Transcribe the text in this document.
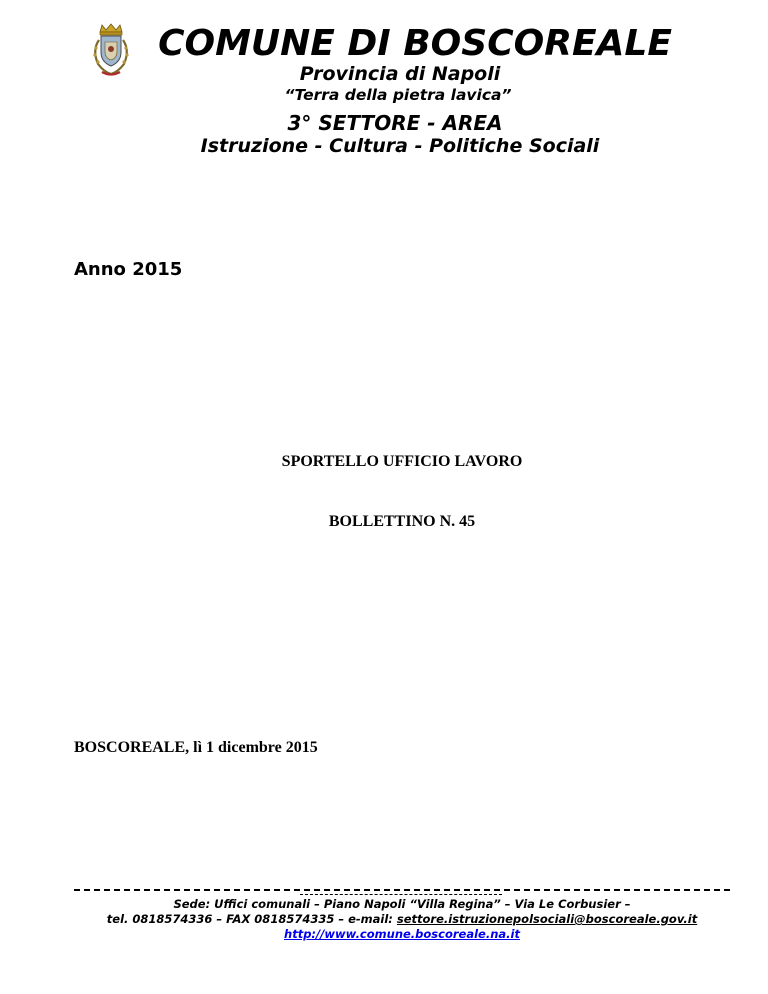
COMUNE DI BOSCOREALE
Provincia di Napoli
“Terra della pietra lavica”
3° SETTORE - AREA
Istruzione - Cultura - Politiche Sociali
Anno 2015
SPORTELLO UFFICIO LAVORO
BOLLETTINO N. 45
BOSCOREALE, lì 1 dicembre 2015
Sede: Uffici comunali – Piano Napoli “Villa Regina” – Via Le Corbusier –
tel. 0818574336 – FAX 0818574335 – e-mail: settore.istruzionepolsociali@boscoreale.gov.it
http://www.comune.boscoreale.na.it
